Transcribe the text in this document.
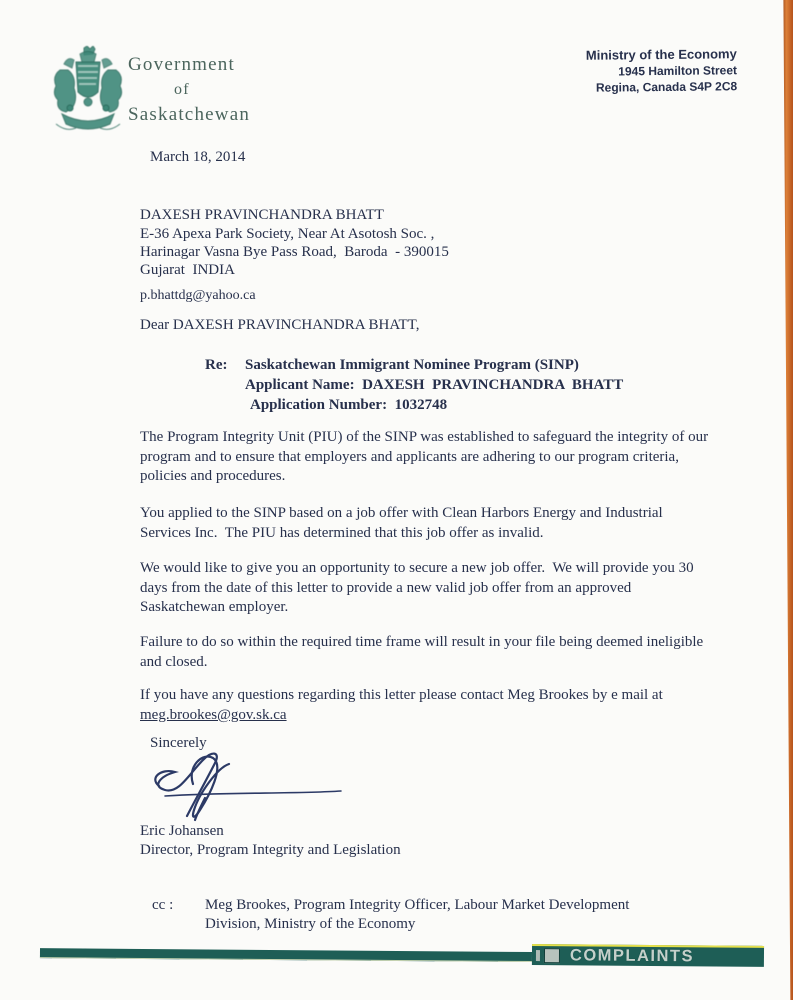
Government
of
Saskatchewan
Ministry of the Economy
1945 Hamilton Street
Regina, Canada S4P 2C8
March 18, 2014
DAXESH PRAVINCHANDRA BHATT
E-36 Apexa Park Society, Near At Asotosh Soc. ,
Harinagar Vasna Bye Pass Road,  Baroda  - 390015
Gujarat  INDIA
p.bhattdg@yahoo.ca
Dear DAXESH PRAVINCHANDRA BHATT,
Re: Saskatchewan Immigrant Nominee Program (SINP)
Applicant Name:  DAXESH  PRAVINCHANDRA  BHATT
Application Number:  1032748
The Program Integrity Unit (PIU) of the SINP was established to safeguard the integrity of our program and to ensure that employers and applicants are adhering to our program criteria, policies and procedures.
You applied to the SINP based on a job offer with Clean Harbors Energy and Industrial Services Inc.  The PIU has determined that this job offer as invalid.
We would like to give you an opportunity to secure a new job offer.  We will provide you 30 days from the date of this letter to provide a new valid job offer from an approved Saskatchewan employer.
Failure to do so within the required time frame will result in your file being deemed ineligible and closed.
If you have any questions regarding this letter please contact Meg Brookes by e mail at
meg.brookes@gov.sk.ca
Sincerely
Eric Johansen
Director, Program Integrity and Legislation
cc : Meg Brookes, Program Integrity Officer, Labour Market Development
Division, Ministry of the Economy
COMPLAINTS
